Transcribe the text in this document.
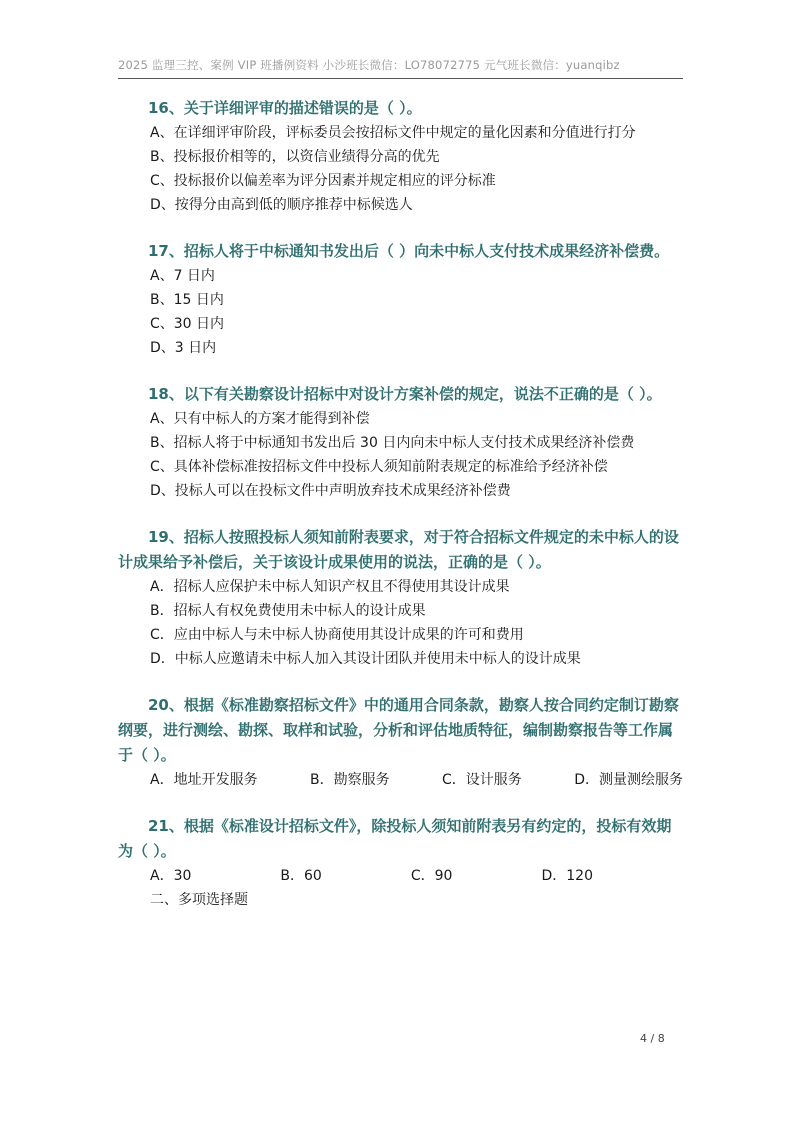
2025 监理三控、案例 VIP 班播例资料 小沙班长微信：LO78072775 元气班长微信：yuanqibz

16、关于详细评审的描述错误的是（ ）。

A、在详细评审阶段，评标委员会按招标文件中规定的量化因素和分值进行打分

B、投标报价相等的，以资信业绩得分高的优先

C、投标报价以偏差率为评分因素并规定相应的评分标准

D、按得分由高到低的顺序推荐中标候选人

17、招标人将于中标通知书发出后（ ）向未中标人支付技术成果经济补偿费。

A、7 日内

B、15 日内

C、30 日内

D、3 日内

18、以下有关勘察设计招标中对设计方案补偿的规定，说法不正确的是（ ）。

A、只有中标人的方案才能得到补偿

B、招标人将于中标通知书发出后 30 日内向未中标人支付技术成果经济补偿费

C、具体补偿标准按招标文件中投标人须知前附表规定的标准给予经济补偿

D、投标人可以在投标文件中声明放弃技术成果经济补偿费

19、招标人按照投标人须知前附表要求，对于符合招标文件规定的未中标人的设计成果给予补偿后，关于该设计成果使用的说法，正确的是（ ）。

A．招标人应保护未中标人知识产权且不得使用其设计成果

B．招标人有权免费使用未中标人的设计成果

C．应由中标人与未中标人协商使用其设计成果的许可和费用

D．中标人应邀请未中标人加入其设计团队并使用未中标人的设计成果

20、根据《标准勘察招标文件》中的通用合同条款，勘察人按合同约定制订勘察纲要，进行测绘、勘探、取样和试验，分析和评估地质特征，编制勘察报告等工作属于（ ）。

A．地址开发服务	B．勘察服务	C．设计服务	D．测量测绘服务

21、根据《标准设计招标文件》，除投标人须知前附表另有约定的，投标有效期为（ ）。

A．30	B．60	C．90	D．120

二、多项选择题

4 / 8
